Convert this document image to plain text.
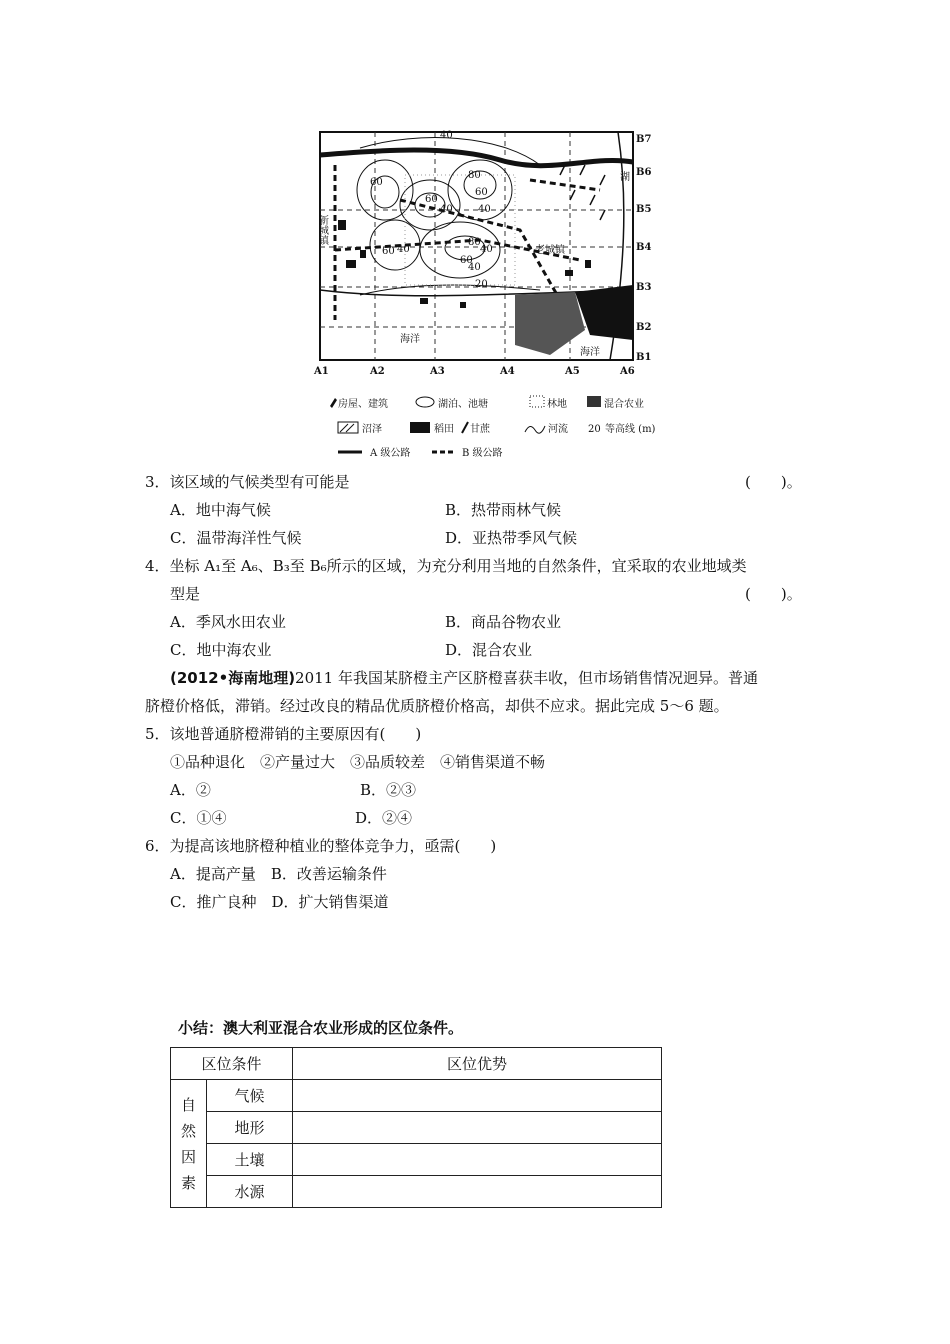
40
60
80
60
40
60
40
80
40
60
40
20
60 40
新城镇
老城镇
海洋
海洋
湖
B7
B6
B5
B4
B3
B2
B1
A1	A2	A3	A4	A5	A6
房屋、建筑	湖泊、池塘	林地	混合农业
沼泽	稻田 甘蔗	河流 20 等高线 (m)
A 级公路	B 级公路
3．该区域的气候类型有可能是	(　　)。
A．地中海气候	B．热带雨林气候
C．温带海洋性气候	D．亚热带季风气候
4．坐标 A₁至 A₆、B₃至 B₆所示的区域，为充分利用当地的自然条件，宜采取的农业地域类
型是	(　　)。
A．季风水田农业	B．商品谷物农业
C．地中海农业	D．混合农业
(2012•海南地理)2011 年我国某脐橙主产区脐橙喜获丰收，但市场销售情况迥异。普通
脐橙价格低，滞销。经过改良的精品优质脐橙价格高，却供不应求。据此完成 5～6 题。
5．该地普通脐橙滞销的主要原因有(　　)
①品种退化　②产量过大　③品质较差　④销售渠道不畅
A．②	B．②③
C．①④	D．②④
6．为提高该地脐橙种植业的整体竞争力，亟需(　　)
A．提高产量　B．改善运输条件
C．推广良种　D．扩大销售渠道
小结：澳大利亚混合农业形成的区位条件。
区位条件		区位优势

自
然
因
素	气候	
	地形	
	土壤	
	水源	
